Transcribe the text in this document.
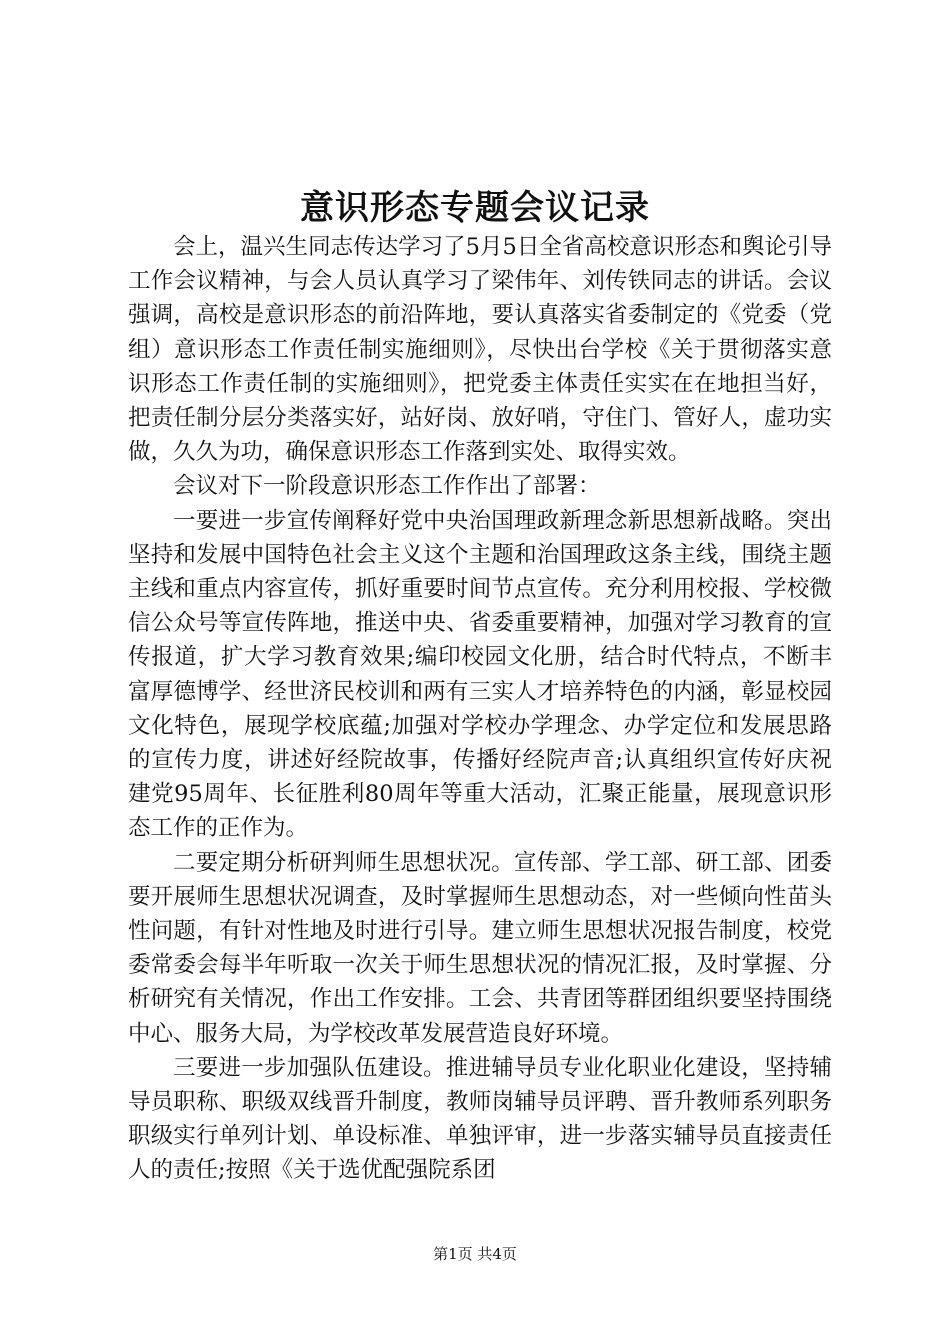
意识形态专题会议记录

会上，温兴生同志传达学习了5月5日全省高校意识形态和舆论引导工作会议精神，与会人员认真学习了梁伟年、刘传铁同志的讲话。会议强调，高校是意识形态的前沿阵地，要认真落实省委制定的《党委（党组）意识形态工作责任制实施细则》，尽快出台学校《关于贯彻落实意识形态工作责任制的实施细则》，把党委主体责任实实在在地担当好，把责任制分层分类落实好，站好岗、放好哨，守住门、管好人，虚功实做，久久为功，确保意识形态工作落到实处、取得实效。

会议对下一阶段意识形态工作作出了部署：

一要进一步宣传阐释好党中央治国理政新理念新思想新战略。突出坚持和发展中国特色社会主义这个主题和治国理政这条主线，围绕主题主线和重点内容宣传，抓好重要时间节点宣传。充分利用校报、学校微信公众号等宣传阵地，推送中央、省委重要精神，加强对学习教育的宣传报道，扩大学习教育效果;编印校园文化册，结合时代特点，不断丰富厚德博学、经世济民校训和两有三实人才培养特色的内涵，彰显校园文化特色，展现学校底蕴;加强对学校办学理念、办学定位和发展思路的宣传力度，讲述好经院故事，传播好经院声音;认真组织宣传好庆祝建党95周年、长征胜利80周年等重大活动，汇聚正能量，展现意识形态工作的正作为。

二要定期分析研判师生思想状况。宣传部、学工部、研工部、团委要开展师生思想状况调查，及时掌握师生思想动态，对一些倾向性苗头性问题，有针对性地及时进行引导。建立师生思想状况报告制度，校党委常委会每半年听取一次关于师生思想状况的情况汇报，及时掌握、分析研究有关情况，作出工作安排。工会、共青团等群团组织要坚持围绕中心、服务大局，为学校改革发展营造良好环境。

三要进一步加强队伍建设。推进辅导员专业化职业化建设，坚持辅导员职称、职级双线晋升制度，教师岗辅导员评聘、晋升教师系列职务职级实行单列计划、单设标准、单独评审，进一步落实辅导员直接责任人的责任;按照《关于选优配强院系团

第1页 共4页
